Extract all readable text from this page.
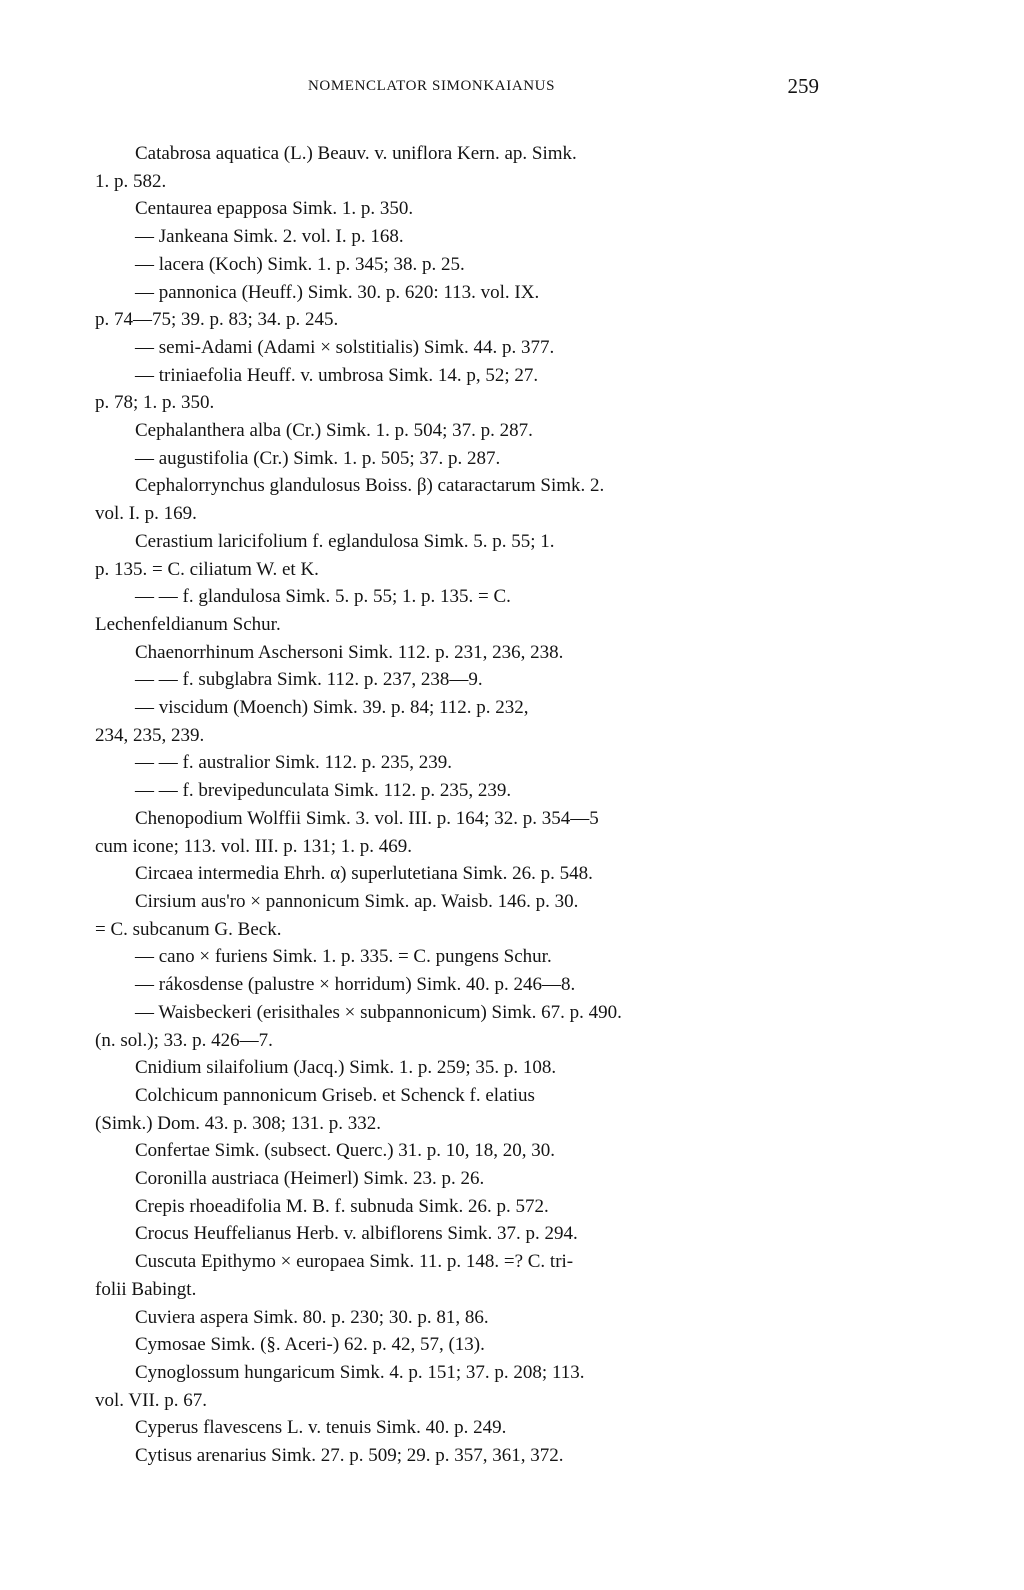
NOMENCLATOR SIMONKAIANUS	259
Catabrosa aquatica (L.) Beauv. v. uniflora Kern. ap. Simk.
1. p. 582.
Centaurea epapposa Simk. 1. p. 350.
— Jankeana Simk. 2. vol. I. p. 168.
— lacera (Koch) Simk. 1. p. 345; 38. p. 25.
— pannonica (Heuff.) Simk. 30. p. 620: 113. vol. IX.
p. 74—75; 39. p. 83; 34. p. 245.
— semi-Adami (Adami × solstitialis) Simk. 44. p. 377.
— triniaefolia Heuff. v. umbrosa Simk. 14. p, 52; 27.
p. 78; 1. p. 350.
Cephalanthera alba (Cr.) Simk. 1. p. 504; 37. p. 287.
— augustifolia (Cr.) Simk. 1. p. 505; 37. p. 287.
Cephalorrynchus glandulosus Boiss. β) cataractarum Simk. 2.
vol. I. p. 169.
Cerastium laricifolium f. eglandulosa Simk. 5. p. 55; 1.
p. 135. = C. ciliatum W. et K.
— — f. glandulosa Simk. 5. p. 55; 1. p. 135. = C.
Lechenfeldianum Schur.
Chaenorrhinum Aschersoni Simk. 112. p. 231, 236, 238.
— — f. subglabra Simk. 112. p. 237, 238—9.
— viscidum (Moench) Simk. 39. p. 84; 112. p. 232,
234, 235, 239.
— — f. australior Simk. 112. p. 235, 239.
— — f. brevipedunculata Simk. 112. p. 235, 239.
Chenopodium Wolffii Simk. 3. vol. III. p. 164; 32. p. 354—5
cum icone; 113. vol. III. p. 131; 1. p. 469.
Circaea intermedia Ehrh. α) superlutetiana Simk. 26. p. 548.
Cirsium aus'ro × pannonicum Simk. ap. Waisb. 146. p. 30.
= C. subcanum G. Beck.
— cano × furiens Simk. 1. p. 335. = C. pungens Schur.
— rákosdense (palustre × horridum) Simk. 40. p. 246—8.
— Waisbeckeri (erisithales × subpannonicum) Simk. 67. p. 490.
(n. sol.); 33. p. 426—7.
Cnidium silaifolium (Jacq.) Simk. 1. p. 259; 35. p. 108.
Colchicum pannonicum Griseb. et Schenck f. elatius
(Simk.) Dom. 43. p. 308; 131. p. 332.
Confertae Simk. (subsect. Querc.) 31. p. 10, 18, 20, 30.
Coronilla austriaca (Heimerl) Simk. 23. p. 26.
Crepis rhoeadifolia M. B. f. subnuda Simk. 26. p. 572.
Crocus Heuffelianus Herb. v. albiflorens Simk. 37. p. 294.
Cuscuta Epithymo × europaea Simk. 11. p. 148. =? C. tri-
folii Babingt.
Cuviera aspera Simk. 80. p. 230; 30. p. 81, 86.
Cymosae Simk. (§. Aceri-) 62. p. 42, 57, (13).
Cynoglossum hungaricum Simk. 4. p. 151; 37. p. 208; 113.
vol. VII. p. 67.
Cyperus flavescens L. v. tenuis Simk. 40. p. 249.
Cytisus arenarius Simk. 27. p. 509; 29. p. 357, 361, 372.
